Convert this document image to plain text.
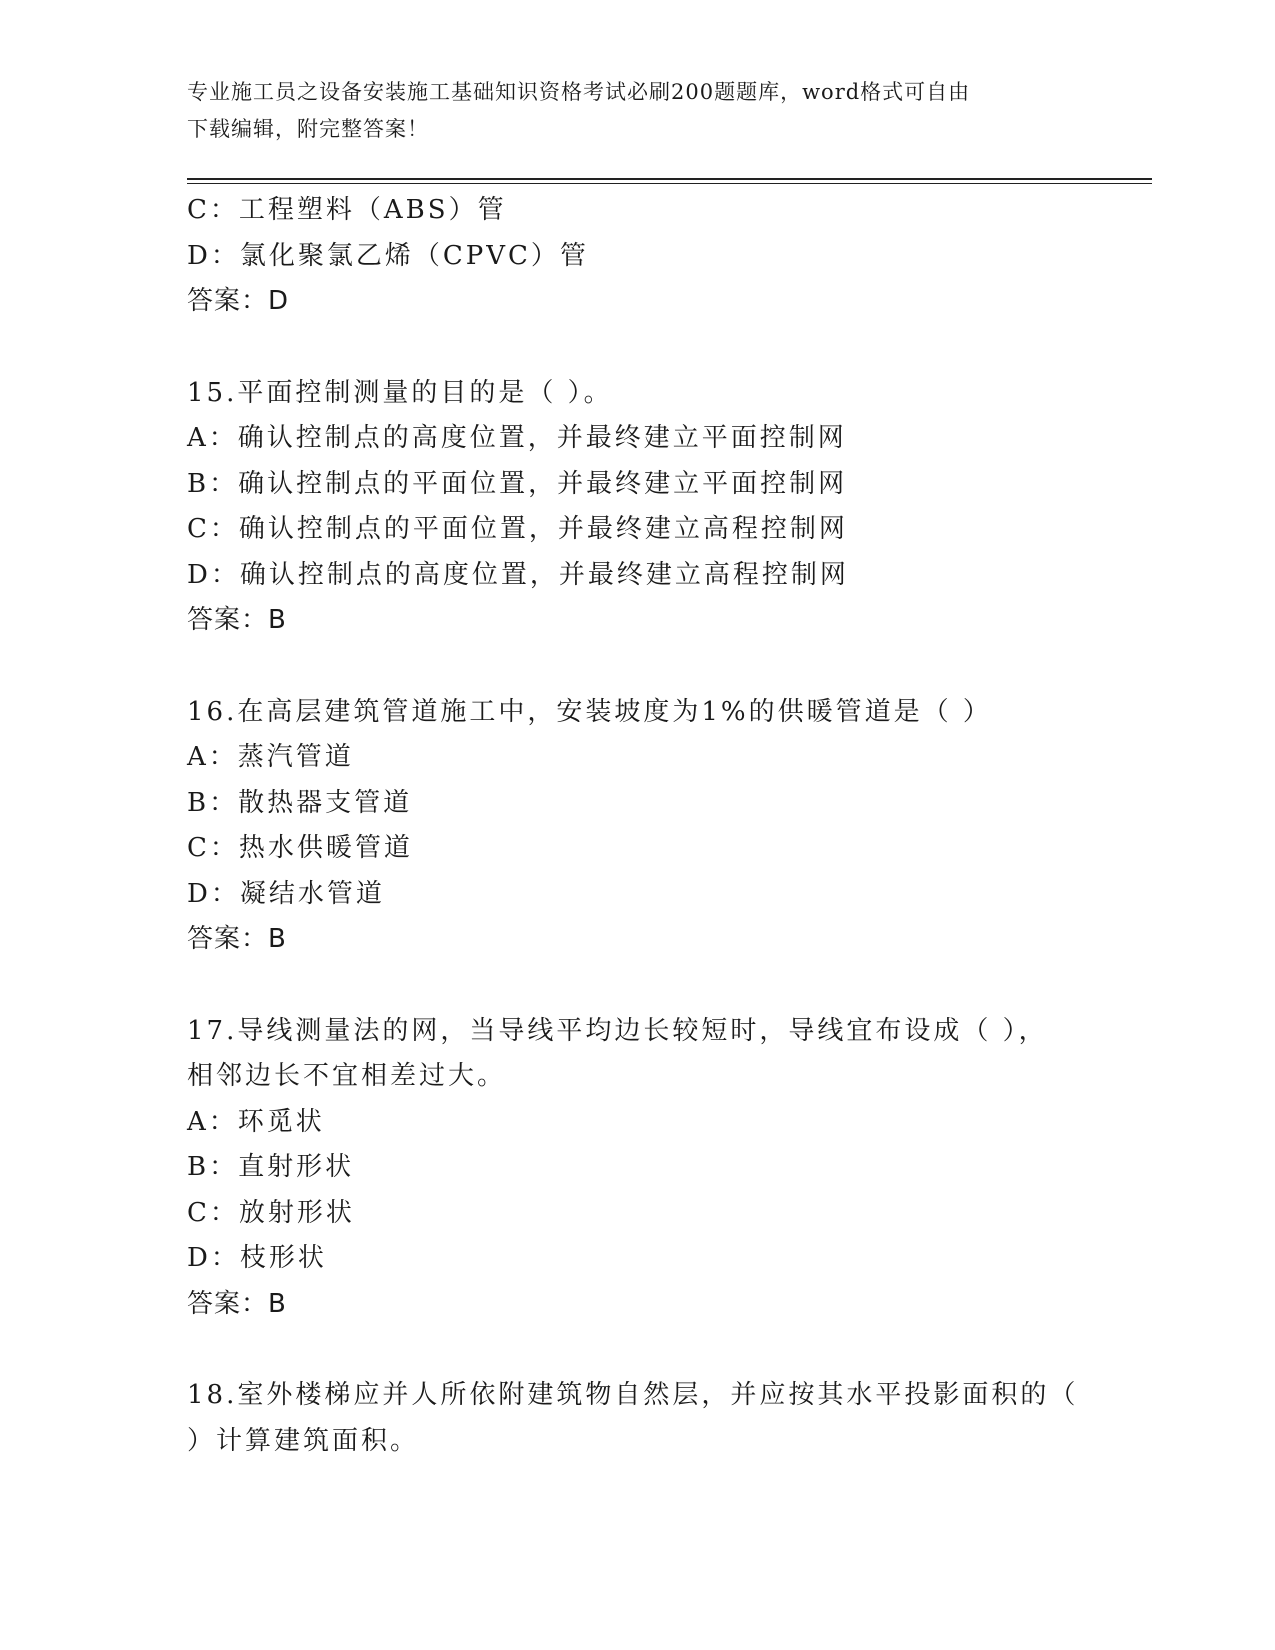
专业施工员之设备安装施工基础知识资格考试必刷200题题库，word格式可自由
下载编辑，附完整答案！
C：工程塑料（ABS）管
D：氯化聚氯乙烯（CPVC）管
答案：D
15.平面控制测量的目的是（ ）。
A：确认控制点的高度位置，并最终建立平面控制网
B：确认控制点的平面位置，并最终建立平面控制网
C：确认控制点的平面位置，并最终建立高程控制网
D：确认控制点的高度位置，并最终建立高程控制网
答案：B
16.在高层建筑管道施工中，安装坡度为1%的供暖管道是（ ）
A：蒸汽管道
B：散热器支管道
C：热水供暖管道
D：凝结水管道
答案：B
17.导线测量法的网，当导线平均边长较短时，导线宜布设成（ ），
相邻边长不宜相差过大。
A：环觅状
B：直射形状
C：放射形状
D：枝形状
答案：B
18.室外楼梯应并人所依附建筑物自然层，并应按其水平投影面积的（
）计算建筑面积。
